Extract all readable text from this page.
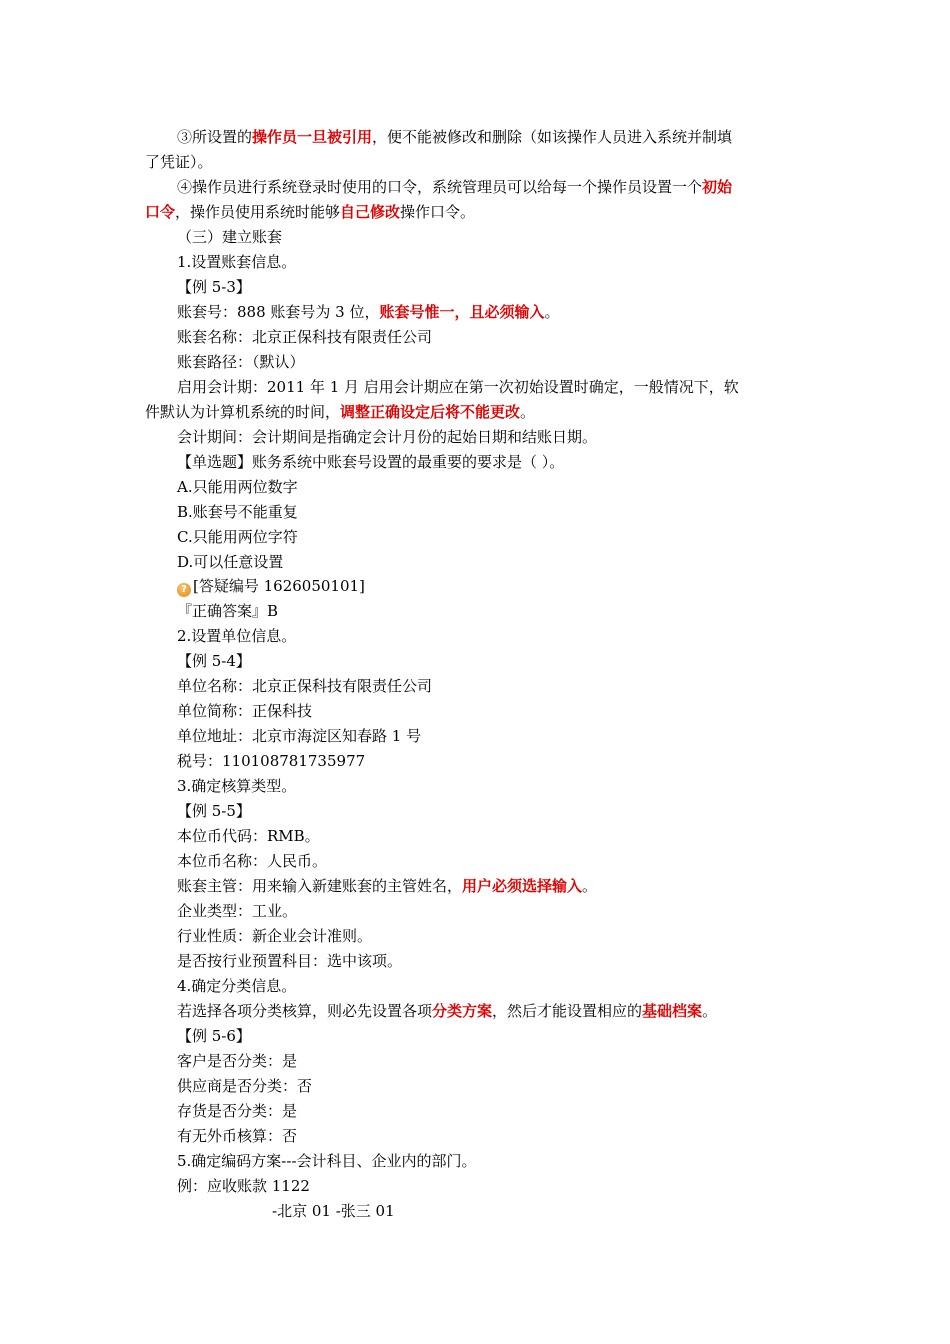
③所设置的操作员一旦被引用，便不能被修改和删除（如该操作人员进入系统并制填
了凭证）。
④操作员进行系统登录时使用的口令，系统管理员可以给每一个操作员设置一个初始
口令，操作员使用系统时能够自己修改操作口令。
（三）建立账套
1.设置账套信息。
【例 5-3】
账套号：888 账套号为 3 位，账套号惟一，且必须输入。
账套名称：北京正保科技有限责任公司
账套路径：（默认）
启用会计期：2011 年 1 月 启用会计期应在第一次初始设置时确定，一般情况下，软
件默认为计算机系统的时间，调整正确设定后将不能更改。
会计期间：会计期间是指确定会计月份的起始日期和结账日期。
【单选题】账务系统中账套号设置的最重要的要求是（ ）。
A.只能用两位数字
B.账套号不能重复
C.只能用两位字符
D.可以任意设置
? [答疑编号 1626050101]
『正确答案』B
2.设置单位信息。
【例 5-4】
单位名称：北京正保科技有限责任公司
单位简称：正保科技
单位地址：北京市海淀区知春路 1 号
税号：110108781735977
3.确定核算类型。
【例 5-5】
本位币代码：RMB。
本位币名称：人民币。
账套主管：用来输入新建账套的主管姓名，用户必须选择输入。
企业类型：工业。
行业性质：新企业会计准则。
是否按行业预置科目：选中该项。
4.确定分类信息。
若选择各项分类核算，则必先设置各项分类方案，然后才能设置相应的基础档案。
【例 5-6】
客户是否分类：是
供应商是否分类：否
存货是否分类：是
有无外币核算：否
5.确定编码方案---会计科目、企业内的部门。
例：应收账款 1122
-北京 01 -张三 01
